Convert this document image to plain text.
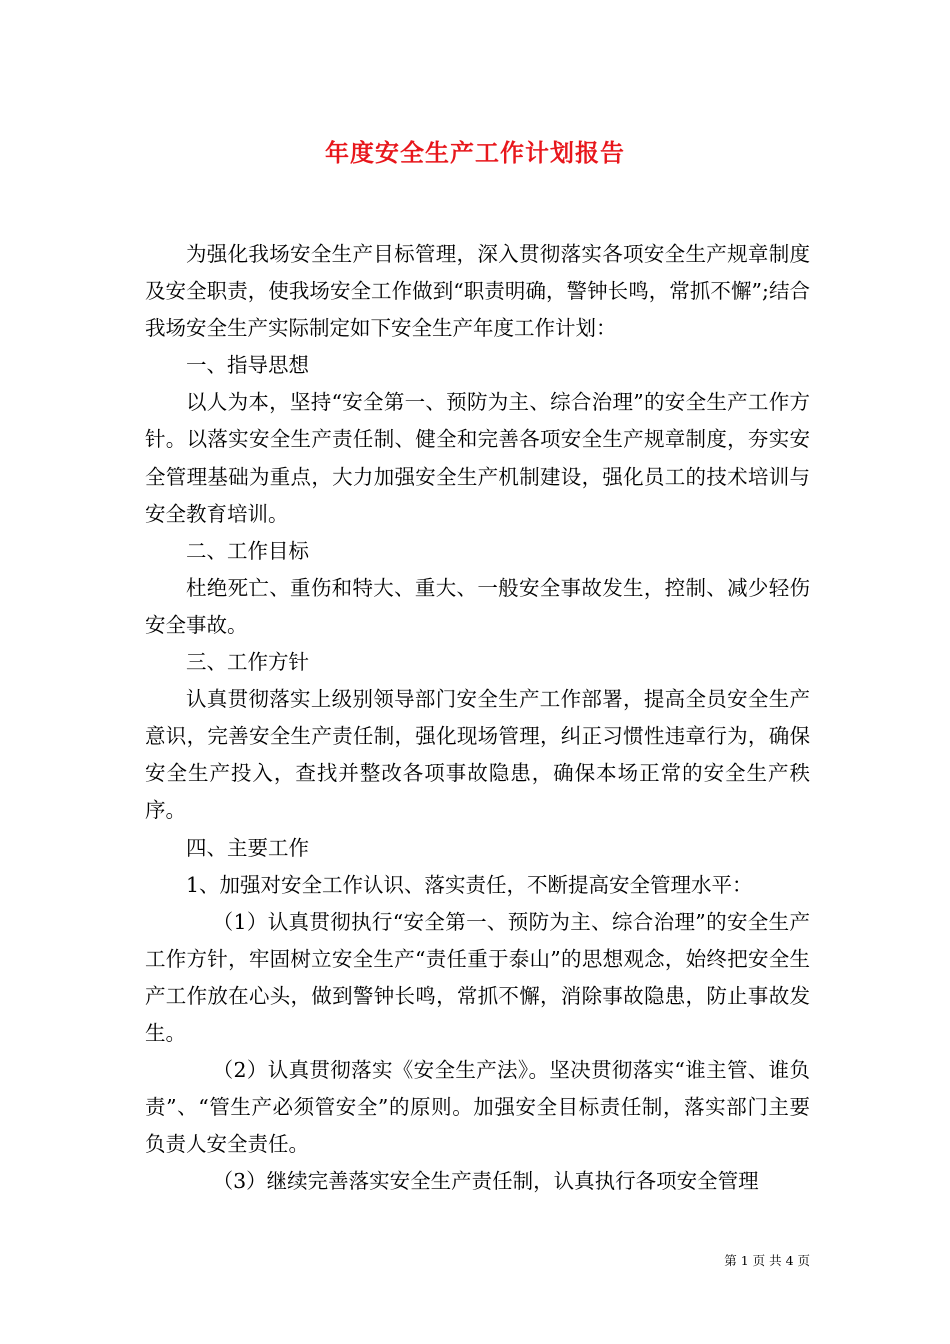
年度安全生产工作计划报告

为强化我场安全生产目标管理，深入贯彻落实各项安全生产规章制度及安全职责，使我场安全工作做到“职责明确，警钟长鸣，常抓不懈”;结合我场安全生产实际制定如下安全生产年度工作计划：

一、指导思想

以人为本，坚持“安全第一、预防为主、综合治理”的安全生产工作方针。以落实安全生产责任制、健全和完善各项安全生产规章制度，夯实安全管理基础为重点，大力加强安全生产机制建设，强化员工的技术培训与安全教育培训。

二、工作目标

杜绝死亡、重伤和特大、重大、一般安全事故发生，控制、减少轻伤安全事故。

三、工作方针

认真贯彻落实上级别领导部门安全生产工作部署，提高全员安全生产意识，完善安全生产责任制，强化现场管理，纠正习惯性违章行为，确保安全生产投入，查找并整改各项事故隐患，确保本场正常的安全生产秩序。

四、主要工作

1、加强对安全工作认识、落实责任，不断提高安全管理水平：

（1）认真贯彻执行“安全第一、预防为主、综合治理”的安全生产工作方针，牢固树立安全生产“责任重于泰山”的思想观念，始终把安全生产工作放在心头，做到警钟长鸣，常抓不懈，消除事故隐患，防止事故发生。

（2）认真贯彻落实《安全生产法》。坚决贯彻落实“谁主管、谁负责”、“管生产必须管安全”的原则。加强安全目标责任制，落实部门主要负责人安全责任。

（3）继续完善落实安全生产责任制，认真执行各项安全管理

第 1 页 共 4 页
